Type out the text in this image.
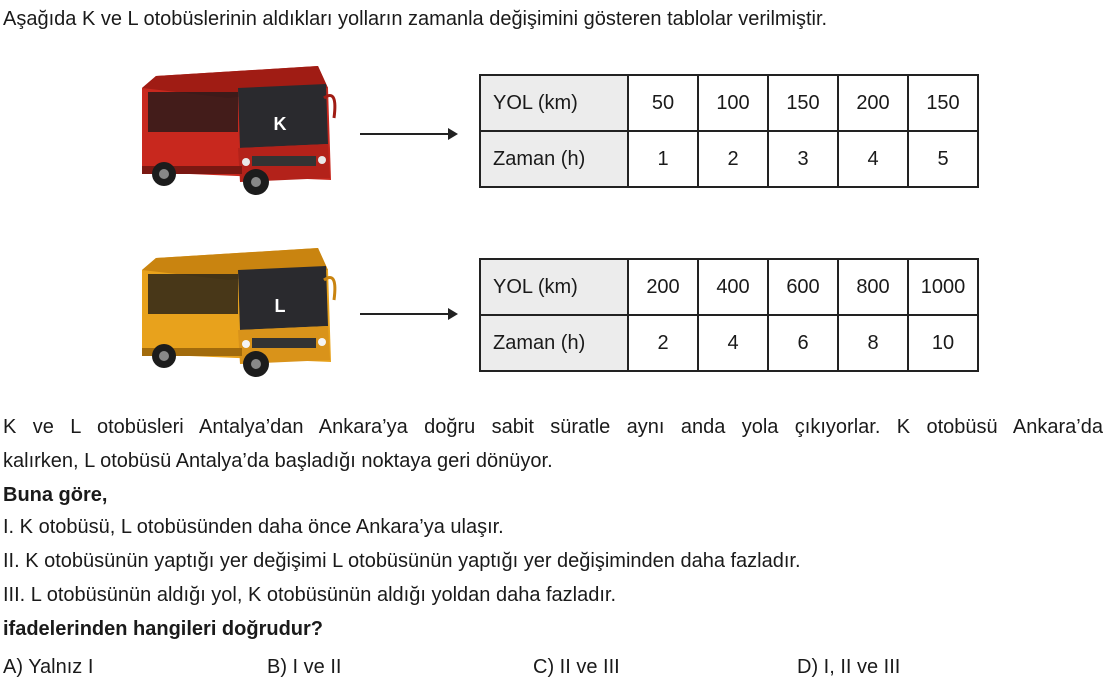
Aşağıda K ve L otobüslerinin aldıkları yolların zamanla değişimini gösteren tablolar verilmiştir.
K
YOL (km)	50	100	150	200	150
Zaman (h)	1	2	3	4	5
L
YOL (km)	200	400	600	800	1000
Zaman (h)	2	4	6	8	10
K ve L otobüsleri Antalya’dan Ankara’ya doğru sabit süratle aynı anda yola çıkıyorlar. K otobüsü Ankara’da
kalırken, L otobüsü Antalya’da başladığı noktaya geri dönüyor.
Buna göre,
I. K otobüsü, L otobüsünden daha önce Ankara’ya ulaşır.
II. K otobüsünün yaptığı yer değişimi L otobüsünün yaptığı yer değişiminden daha fazladır.
III. L otobüsünün aldığı yol, K otobüsünün aldığı yoldan daha fazladır.
ifadelerinden hangileri doğrudur?
A) Yalnız I	B) I ve II	C) II ve III	D) I, II ve III
